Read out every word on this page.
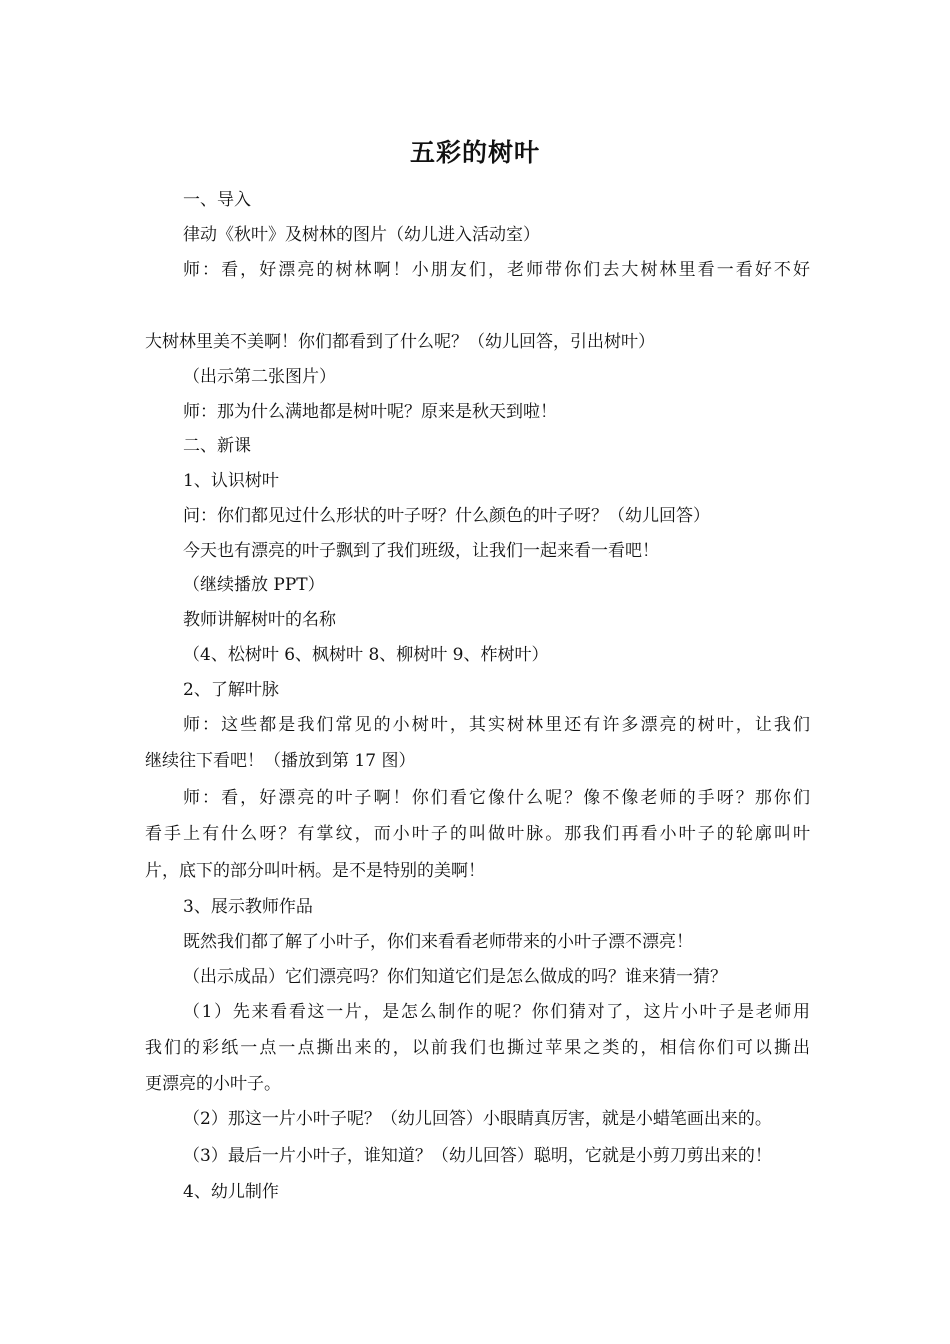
五彩的树叶

一、导入

律动《秋叶》及树林的图片（幼儿进入活动室）

师：看，好漂亮的树林啊！小朋友们，老师带你们去大树林里看一看好不好

大树林里美不美啊！你们都看到了什么呢？（幼儿回答，引出树叶）

（出示第二张图片）

师：那为什么满地都是树叶呢？原来是秋天到啦！

二、新课

1、认识树叶

问：你们都见过什么形状的叶子呀？什么颜色的叶子呀？（幼儿回答）

今天也有漂亮的叶子飘到了我们班级，让我们一起来看一看吧！

（继续播放 PPT）

教师讲解树叶的名称

（4、松树叶 6、枫树叶 8、柳树叶 9、柞树叶）

2、了解叶脉

师：这些都是我们常见的小树叶，其实树林里还有许多漂亮的树叶，让我们

继续往下看吧！（播放到第 17 图）

师：看，好漂亮的叶子啊！你们看它像什么呢？像不像老师的手呀？那你们

看手上有什么呀？有掌纹，而小叶子的叫做叶脉。那我们再看小叶子的轮廓叫叶

片，底下的部分叫叶柄。是不是特别的美啊！

3、展示教师作品

既然我们都了解了小叶子，你们来看看老师带来的小叶子漂不漂亮！

（出示成品）它们漂亮吗？你们知道它们是怎么做成的吗？谁来猜一猜？

（1）先来看看这一片，是怎么制作的呢？你们猜对了，这片小叶子是老师用

我们的彩纸一点一点撕出来的，以前我们也撕过苹果之类的，相信你们可以撕出

更漂亮的小叶子。

（2）那这一片小叶子呢？（幼儿回答）小眼睛真厉害，就是小蜡笔画出来的。

（3）最后一片小叶子，谁知道？（幼儿回答）聪明，它就是小剪刀剪出来的！

4、幼儿制作
